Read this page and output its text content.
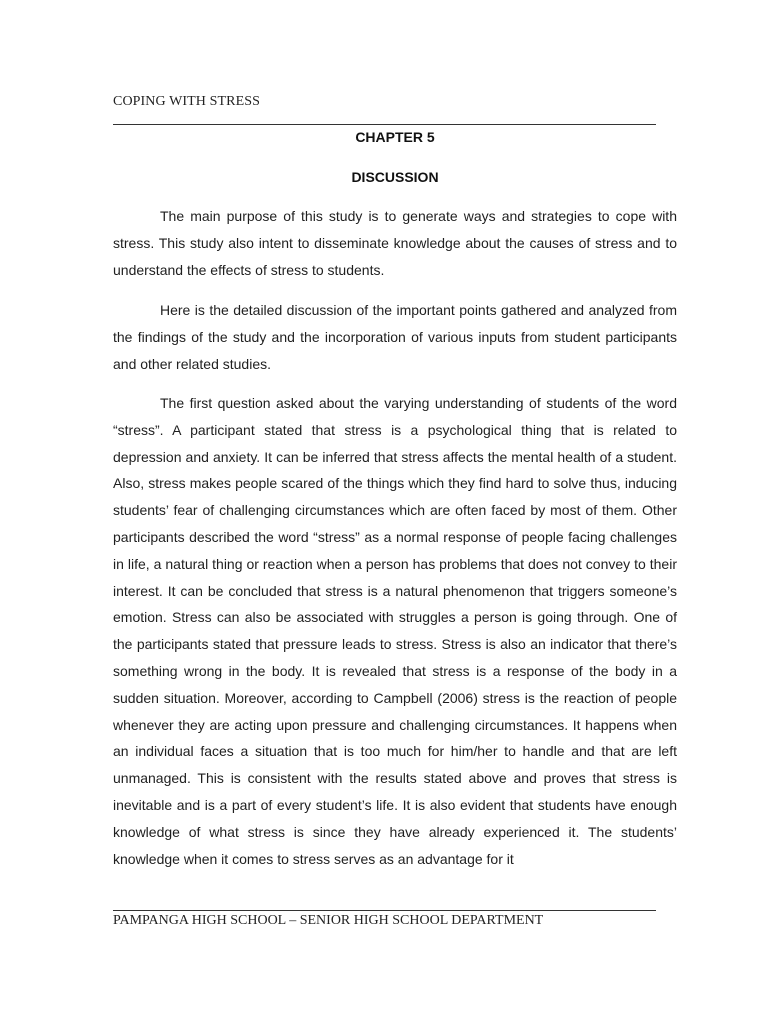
COPING WITH STRESS
CHAPTER 5
DISCUSSION

The main purpose of this study is to generate ways and strategies to cope with stress. This study also intent to disseminate knowledge about the causes of stress and to understand the effects of stress to students.

Here is the detailed discussion of the important points gathered and analyzed from the findings of the study and the incorporation of various inputs from student participants and other related studies.

The first question asked about the varying understanding of students of the word “stress”. A participant stated that stress is a psychological thing that is related to depression and anxiety. It can be inferred that stress affects the mental health of a student. Also, stress makes people scared of the things which they find hard to solve thus, inducing students’ fear of challenging circumstances which are often faced by most of them. Other participants described the word “stress” as a normal response of people facing challenges in life, a natural thing or reaction when a person has problems that does not convey to their interest. It can be concluded that stress is a natural phenomenon that triggers someone’s emotion. Stress can also be associated with struggles a person is going through. One of the participants stated that pressure leads to stress. Stress is also an indicator that there’s something wrong in the body. It is revealed that stress is a response of the body in a sudden situation. Moreover, according to Campbell (2006) stress is the reaction of people whenever they are acting upon pressure and challenging circumstances. It happens when an individual faces a situation that is too much for him/her to handle and that are left unmanaged. This is consistent with the results stated above and proves that stress is inevitable and is a part of every student’s life. It is also evident that students have enough knowledge of what stress is since they have already experienced it. The students’ knowledge when it comes to stress serves as an advantage for it

PAMPANGA HIGH SCHOOL – SENIOR HIGH SCHOOL DEPARTMENT
